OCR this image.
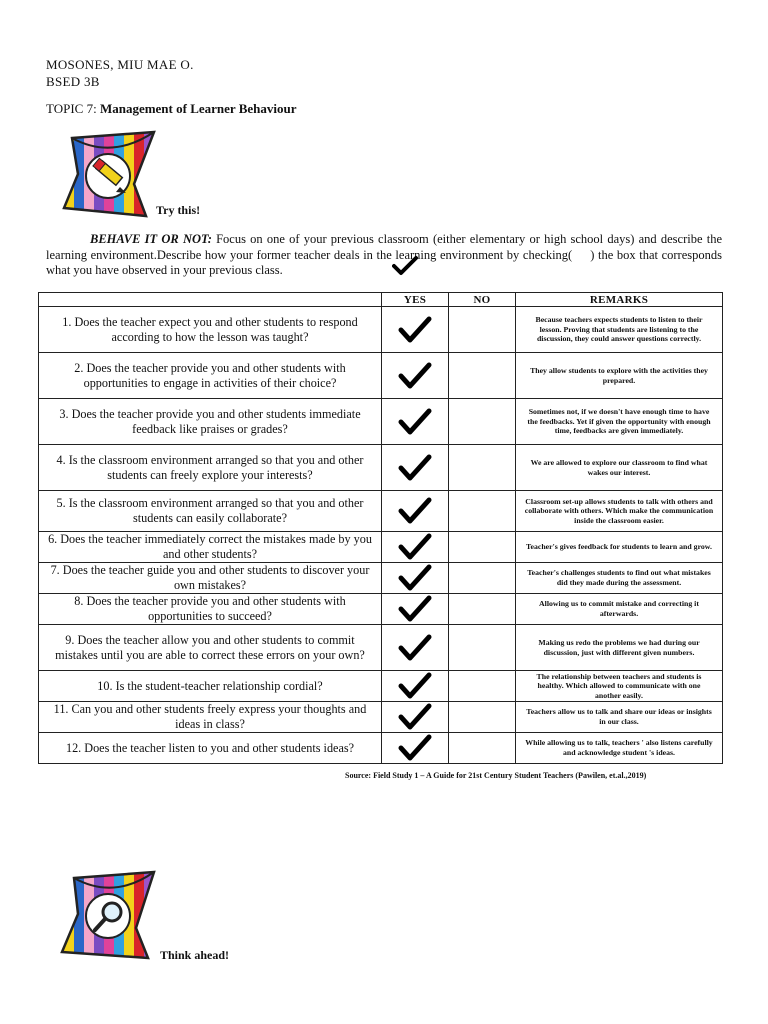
MOSONES, MIU MAE O.
BSED 3B
TOPIC 7: Management of Learner Behaviour
Try this!
BEHAVE IT OR NOT: Focus on one of your previous classroom (either elementary or high school days) and describe the learning environment.Describe how your former teacher deals in the learning environment by checking( ) the box that corresponds what you have observed in your previous class.
	YES	NO	REMARKS
1. Does the teacher expect you and other students to respond according to how the lesson was taught?			Because teachers expects students to listen to their lesson. Proving that students are listening to the discussion, they could answer questions correctly.
2. Does the teacher provide you and other students with opportunities to engage in activities of their choice?			They allow students to explore with the activities they prepared.
3. Does the teacher provide you and other students immediate feedback like praises or grades?			Sometimes not, if we doesn't have enough time to have the feedbacks. Yet if given the opportunity with enough time, feedbacks are given immediately.
4. Is the classroom environment arranged so that you and other students can freely explore your interests?			We are allowed to explore our classroom to find what wakes our interest.
5. Is the classroom environment arranged so that you and other students can easily collaborate?			Classroom set-up allows students to talk with others and collaborate with others. Which make the communication inside the classroom easier.
6. Does the teacher immediately correct the mistakes made by you and other students?			Teacher's gives feedback for students to learn and grow.
7. Does the teacher guide you and other students to discover your own mistakes?			Teacher's challenges students to find out what mistakes did they made during the assessment.
8. Does the teacher provide you and other students with opportunities to succeed?			Allowing us to commit mistake and correcting it afterwards.
9. Does the teacher allow you and other students to commit mistakes until you are able to correct these errors on your own?			Making us redo the problems we had during our discussion, just with different given numbers.
10. Is the student-teacher relationship cordial?			The relationship between teachers and students is healthy. Which allowed to communicate with one another easily.
11. Can you and other students freely express your thoughts and ideas in class?			Teachers allow us to talk and share our ideas or insights in our class.
12. Does the teacher listen to you and other students ideas?			While allowing us to talk, teachers ' also listens carefully and acknowledge student 's ideas.
Source: Field Study 1 – A Guide for 21st Century Student Teachers (Pawilen, et.al.,2019)
Think ahead!
